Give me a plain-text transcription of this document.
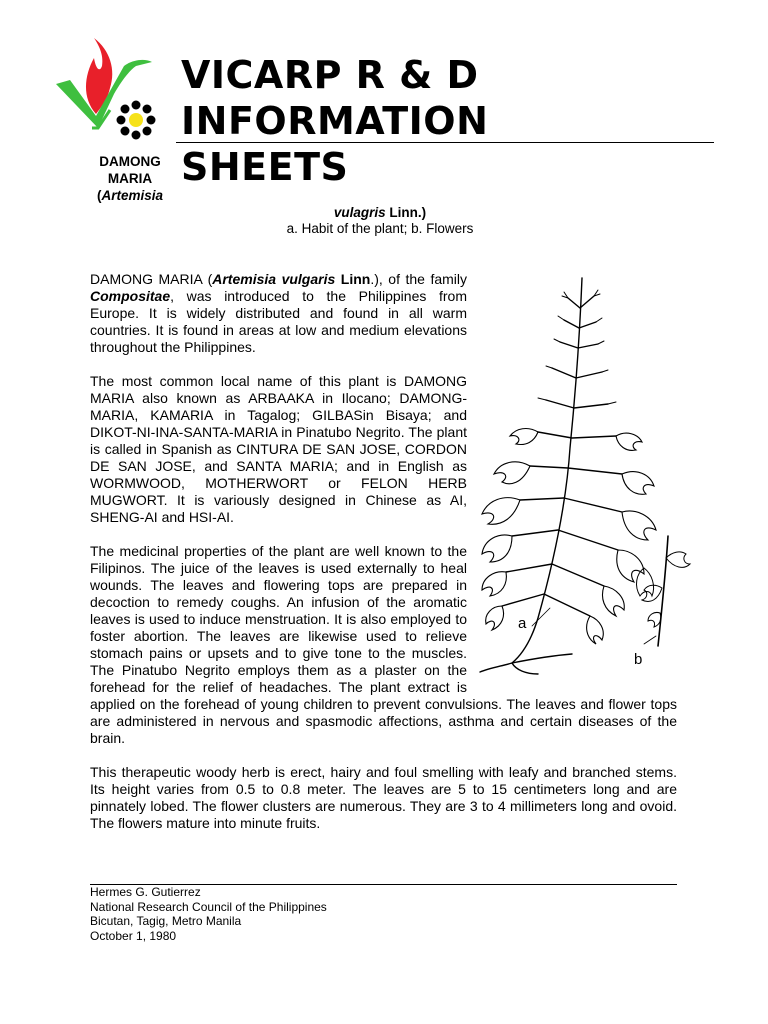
VICARP R & D
INFORMATION
SHEETS
DAMONG
MARIA
(Artemisia
vulagris Linn.)
a. Habit of the plant; b. Flowers
a
b

DAMONG MARIA (Artemisia vulgaris Linn.), of the family Compositae, was introduced to the Philippines from Europe. It is widely distributed and found in all warm countries. It is found in areas at low and medium elevations throughout the Philippines.

The most common local name of this plant is DAMONG MARIA also known as ARBAAKA in Ilocano; DAMONG-MARIA, KAMARIA in Tagalog; GILBASin Bisaya; and DIKOT-NI-INA-SANTA-MARIA in Pinatubo Negrito. The plant is called in Spanish as CINTURA DE SAN JOSE, CORDON DE SAN JOSE, and SANTA MARIA; and in English as WORMWOOD, MOTHERWORT or FELON HERB MUGWORT. It is variously designed in Chinese as AI, SHENG-AI and HSI-AI.

The medicinal properties of the plant are well known to the Filipinos. The juice of the leaves is used externally to heal wounds. The leaves and flowering tops are prepared in decoction to remedy coughs. An infusion of the aromatic leaves is used to induce menstruation. It is also employed to foster abortion. The leaves are likewise used to relieve stomach pains or upsets and to give tone to the muscles. The Pinatubo Negrito employs them as a plaster on the forehead for the relief of headaches. The plant extract is applied on the forehead of young children to prevent convulsions. The leaves and flower tops are administered in nervous and spasmodic affections, asthma and certain diseases of the brain.

This therapeutic woody herb is erect, hairy and foul smelling with leafy and branched stems. Its height varies from 0.5 to 0.8 meter. The leaves are 5 to 15 centimeters long and are pinnately lobed. The flower clusters are numerous. They are 3 to 4 millimeters long and ovoid. The flowers mature into minute fruits.

Hermes G. Gutierrez
National Research Council of the Philippines
Bicutan, Tagig, Metro Manila
October 1, 1980
